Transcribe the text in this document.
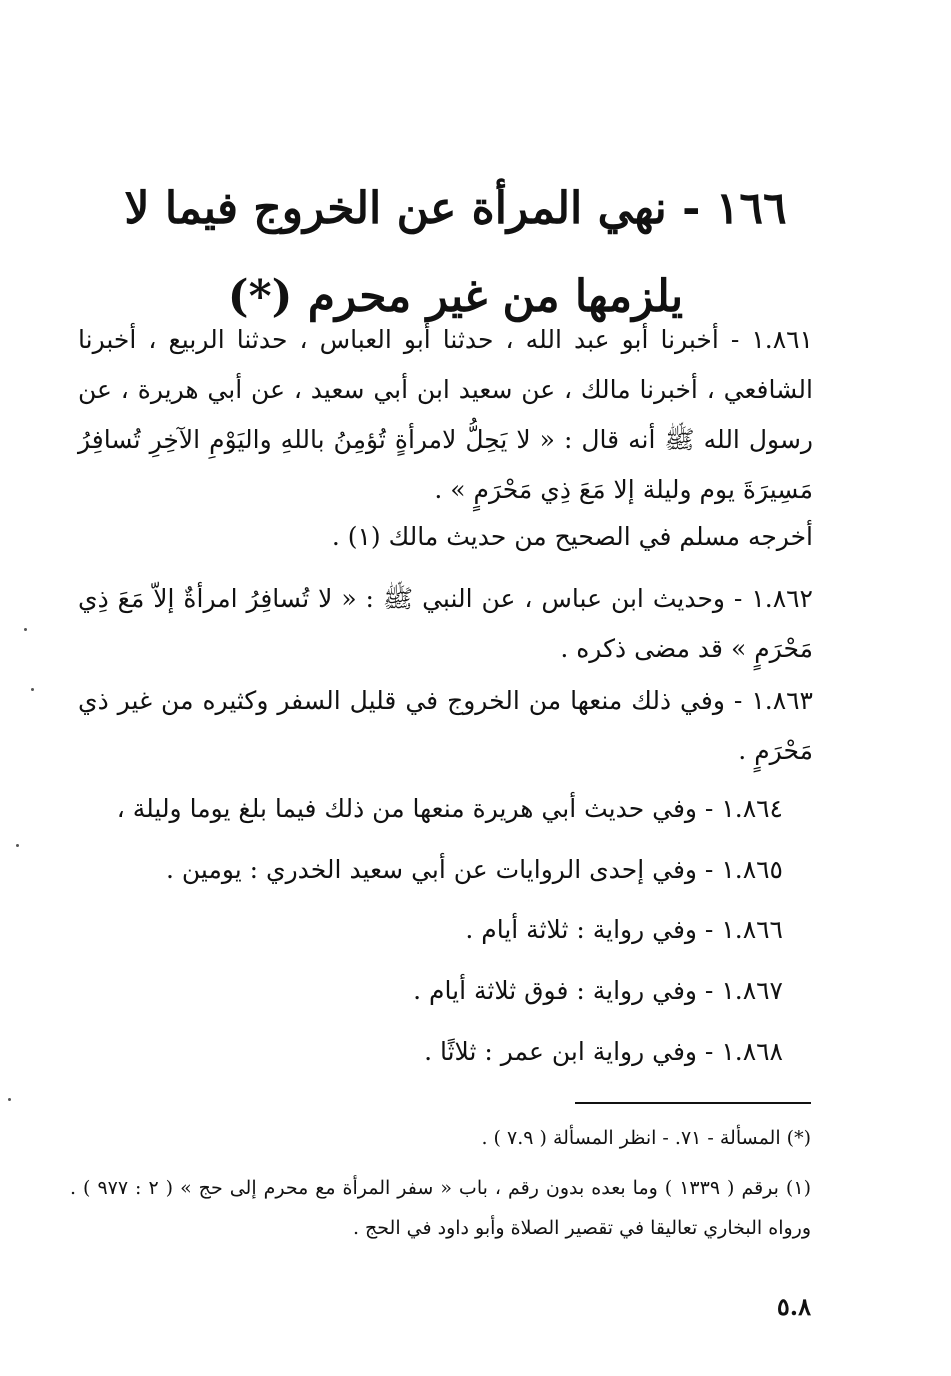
١٦٦ - نهي المرأة عن الخروج فيما لا يلزمها من غير محرم (*)
١.٨٦١ - أخبرنا أبو عبد الله ، حدثنا أبو العباس ، حدثنا الربيع ، أخبرنا الشافعي ، أخبرنا مالك ، عن سعيد ابن أبي سعيد ، عن أبي هريرة ، عن رسول الله ﷺ أنه قال : « لا يَحِلُّ لامرأةٍ تُؤمِنُ باللهِ واليَوْمِ الآخِرِ تُسافِرُ مَسِيرَةَ يوم وليلة إلا مَعَ ذِي مَحْرَمٍ » .
أخرجه مسلم في الصحيح من حديث مالك (١) .
١.٨٦٢ - وحديث ابن عباس ، عن النبي ﷺ : « لا تُسافِرُ امرأةٌ إلاّ مَعَ ذِي مَحْرَمٍ » قد مضى ذكره .
١.٨٦٣ - وفي ذلك منعها من الخروج في قليل السفر وكثيره من غير ذي مَحْرَمٍ .
١.٨٦٤ - وفي حديث أبي هريرة منعها من ذلك فيما بلغ يوما وليلة ،
١.٨٦٥ - وفي إحدى الروايات عن أبي سعيد الخدري : يومين .
١.٨٦٦ - وفي رواية : ثلاثة أيام .
١.٨٦٧ - وفي رواية : فوق ثلاثة أيام .
١.٨٦٨ - وفي رواية ابن عمر : ثلاثًا .
(*) المسألة - ٧١. - انظر المسألة ( ٧.٩ ) .
(١) برقم ( ١٣٣٩ ) وما بعده بدون رقم ، باب « سفر المرأة مع محرم إلى حج » ( ٢ : ٩٧٧ ) . ورواه البخاري تعاليقا في تقصير الصلاة وأبو داود في الحج .
٥.٨
